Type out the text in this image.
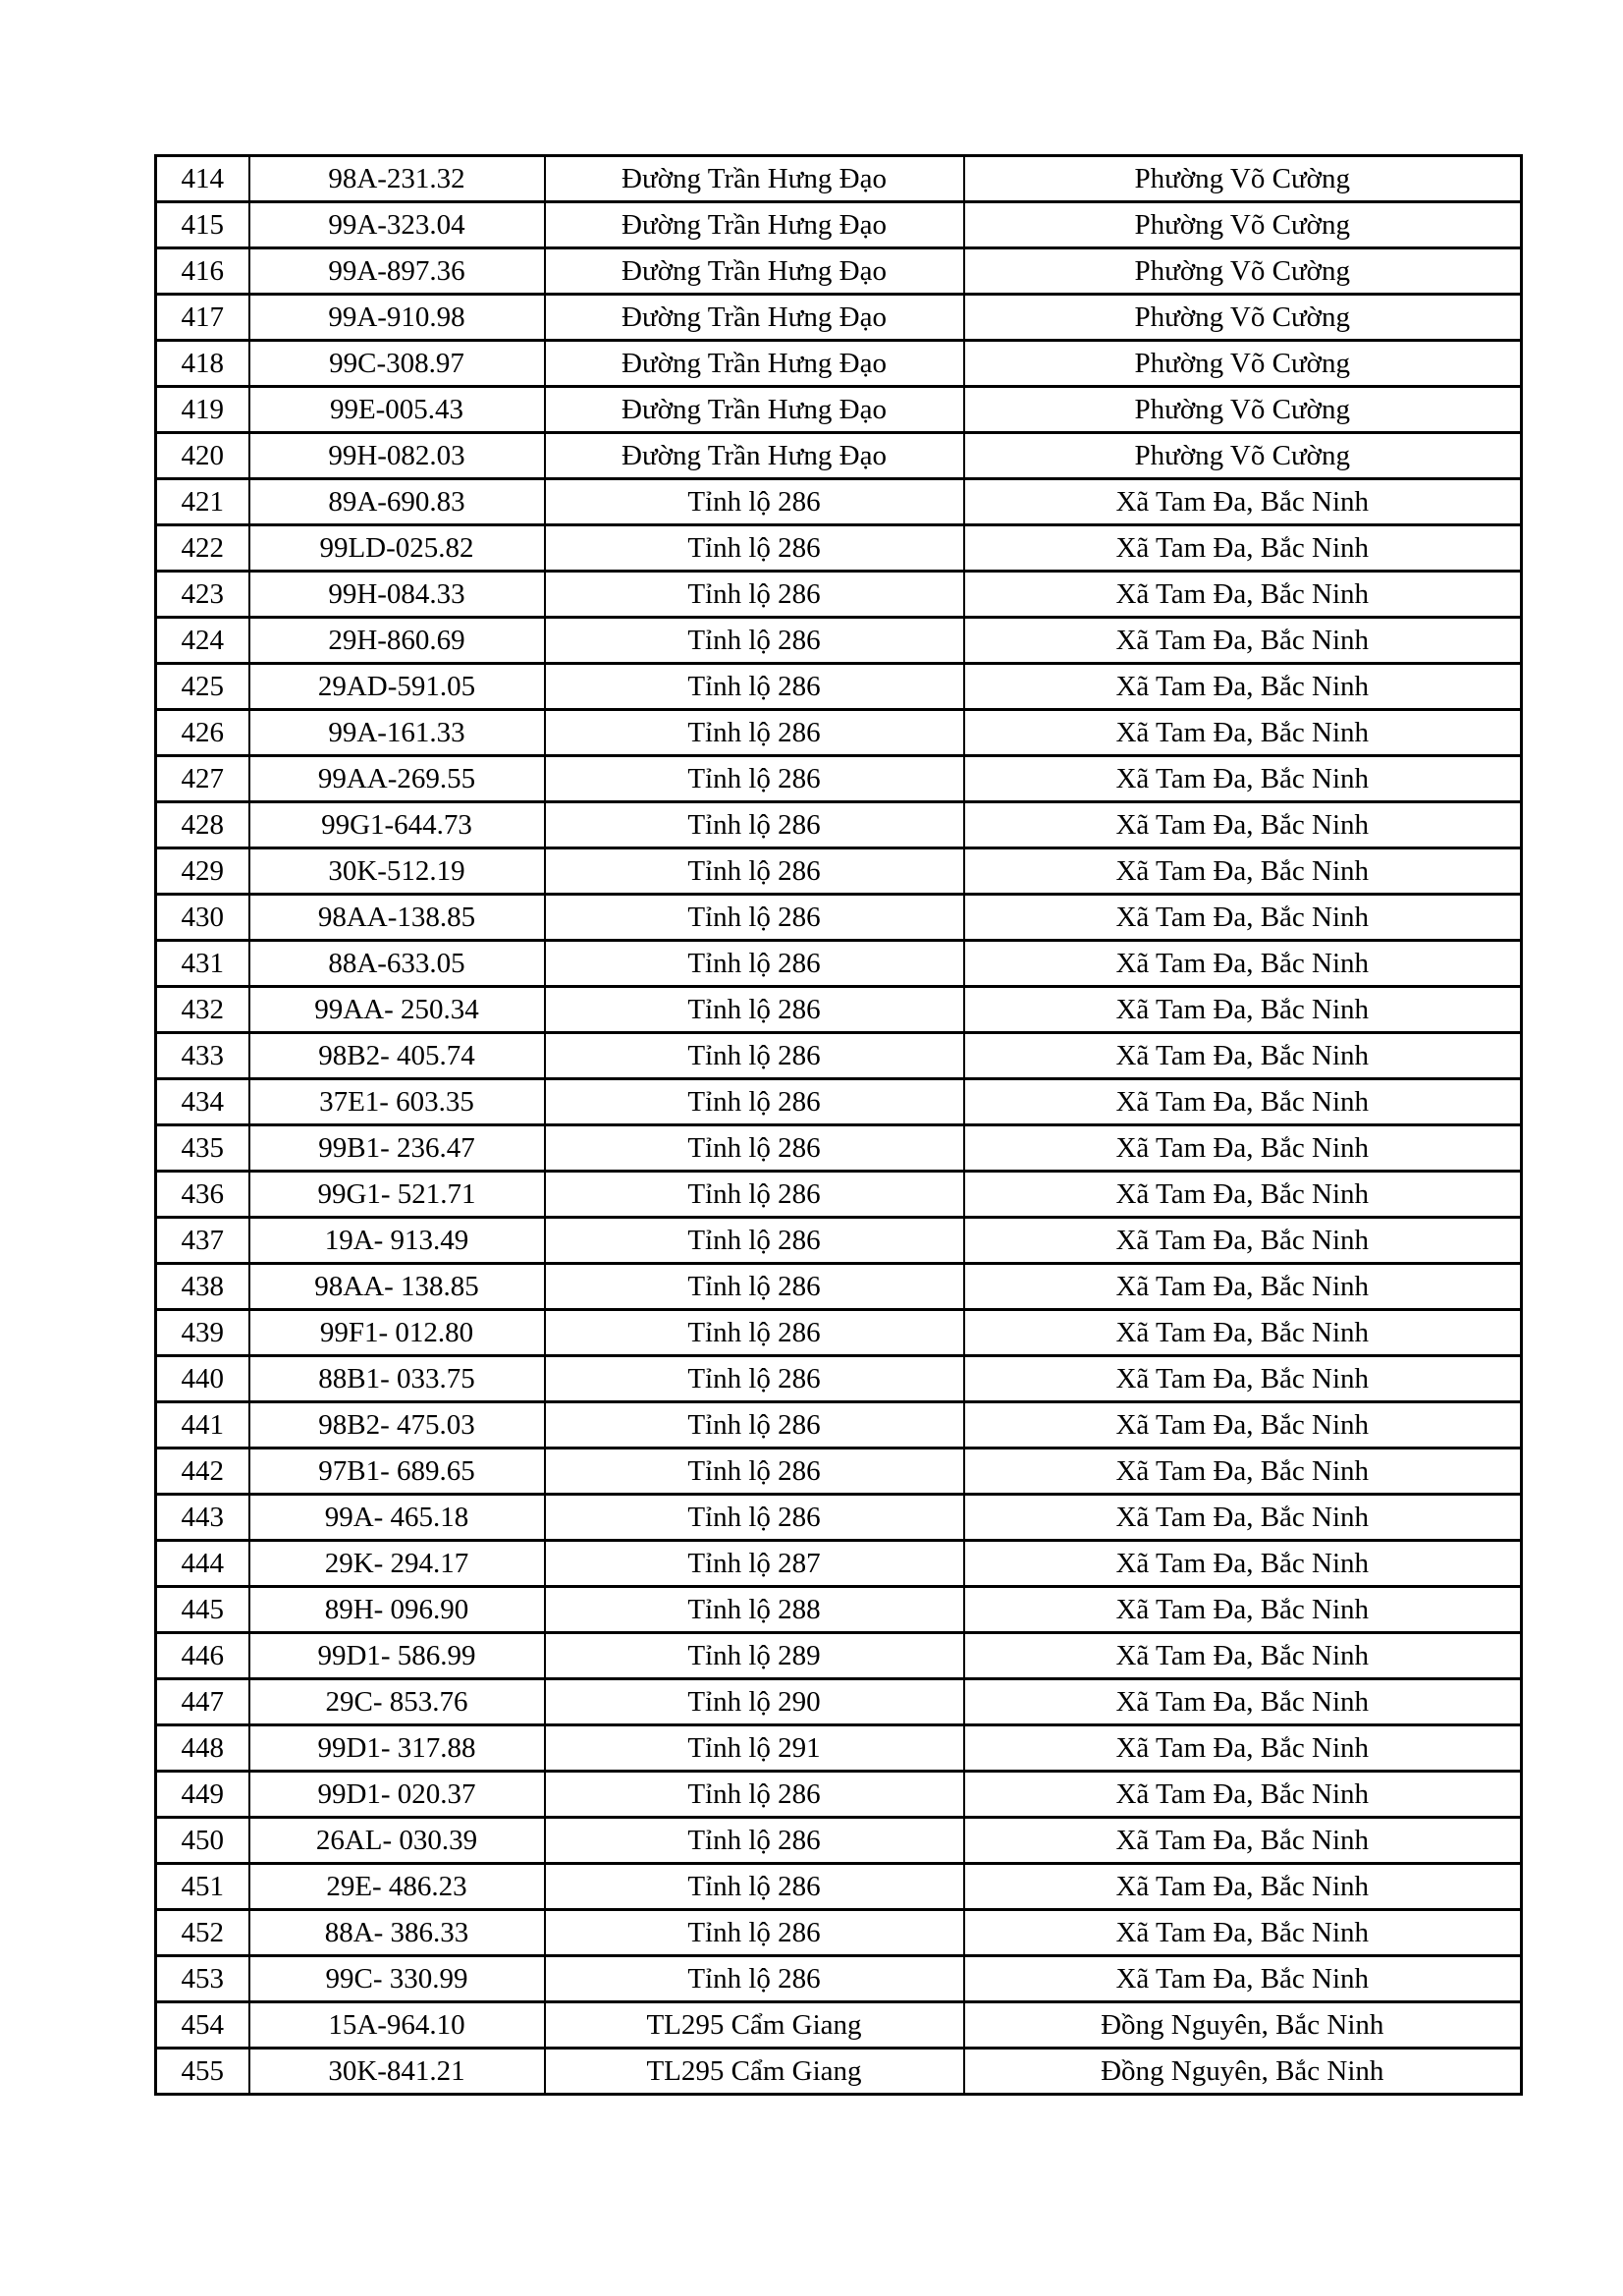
414	98A-231.32	Đường Trần Hưng Đạo	Phường Võ Cường
415	99A-323.04	Đường Trần Hưng Đạo	Phường Võ Cường
416	99A-897.36	Đường Trần Hưng Đạo	Phường Võ Cường
417	99A-910.98	Đường Trần Hưng Đạo	Phường Võ Cường
418	99C-308.97	Đường Trần Hưng Đạo	Phường Võ Cường
419	99E-005.43	Đường Trần Hưng Đạo	Phường Võ Cường
420	99H-082.03	Đường Trần Hưng Đạo	Phường Võ Cường
421	89A-690.83	Tỉnh lộ 286	Xã Tam Đa, Bắc Ninh
422	99LD-025.82	Tỉnh lộ 286	Xã Tam Đa, Bắc Ninh
423	99H-084.33	Tỉnh lộ 286	Xã Tam Đa, Bắc Ninh
424	29H-860.69	Tỉnh lộ 286	Xã Tam Đa, Bắc Ninh
425	29AD-591.05	Tỉnh lộ 286	Xã Tam Đa, Bắc Ninh
426	99A-161.33	Tỉnh lộ 286	Xã Tam Đa, Bắc Ninh
427	99AA-269.55	Tỉnh lộ 286	Xã Tam Đa, Bắc Ninh
428	99G1-644.73	Tỉnh lộ 286	Xã Tam Đa, Bắc Ninh
429	30K-512.19	Tỉnh lộ 286	Xã Tam Đa, Bắc Ninh
430	98AA-138.85	Tỉnh lộ 286	Xã Tam Đa, Bắc Ninh
431	88A-633.05	Tỉnh lộ 286	Xã Tam Đa, Bắc Ninh
432	99AA- 250.34	Tỉnh lộ 286	Xã Tam Đa, Bắc Ninh
433	98B2- 405.74	Tỉnh lộ 286	Xã Tam Đa, Bắc Ninh
434	37E1- 603.35	Tỉnh lộ 286	Xã Tam Đa, Bắc Ninh
435	99B1- 236.47	Tỉnh lộ 286	Xã Tam Đa, Bắc Ninh
436	99G1- 521.71	Tỉnh lộ 286	Xã Tam Đa, Bắc Ninh
437	19A- 913.49	Tỉnh lộ 286	Xã Tam Đa, Bắc Ninh
438	98AA- 138.85	Tỉnh lộ 286	Xã Tam Đa, Bắc Ninh
439	99F1- 012.80	Tỉnh lộ 286	Xã Tam Đa, Bắc Ninh
440	88B1- 033.75	Tỉnh lộ 286	Xã Tam Đa, Bắc Ninh
441	98B2- 475.03	Tỉnh lộ 286	Xã Tam Đa, Bắc Ninh
442	97B1- 689.65	Tỉnh lộ 286	Xã Tam Đa, Bắc Ninh
443	99A- 465.18	Tỉnh lộ 286	Xã Tam Đa, Bắc Ninh
444	29K- 294.17	Tỉnh lộ 287	Xã Tam Đa, Bắc Ninh
445	89H- 096.90	Tỉnh lộ 288	Xã Tam Đa, Bắc Ninh
446	99D1- 586.99	Tỉnh lộ 289	Xã Tam Đa, Bắc Ninh
447	29C- 853.76	Tỉnh lộ 290	Xã Tam Đa, Bắc Ninh
448	99D1- 317.88	Tỉnh lộ 291	Xã Tam Đa, Bắc Ninh
449	99D1- 020.37	Tỉnh lộ 286	Xã Tam Đa, Bắc Ninh
450	26AL- 030.39	Tỉnh lộ 286	Xã Tam Đa, Bắc Ninh
451	29E- 486.23	Tỉnh lộ 286	Xã Tam Đa, Bắc Ninh
452	88A- 386.33	Tỉnh lộ 286	Xã Tam Đa, Bắc Ninh
453	99C- 330.99	Tỉnh lộ 286	Xã Tam Đa, Bắc Ninh
454	15A-964.10	TL295 Cẩm Giang	Đồng Nguyên, Bắc Ninh
455	30K-841.21	TL295 Cẩm Giang	Đồng Nguyên, Bắc Ninh
